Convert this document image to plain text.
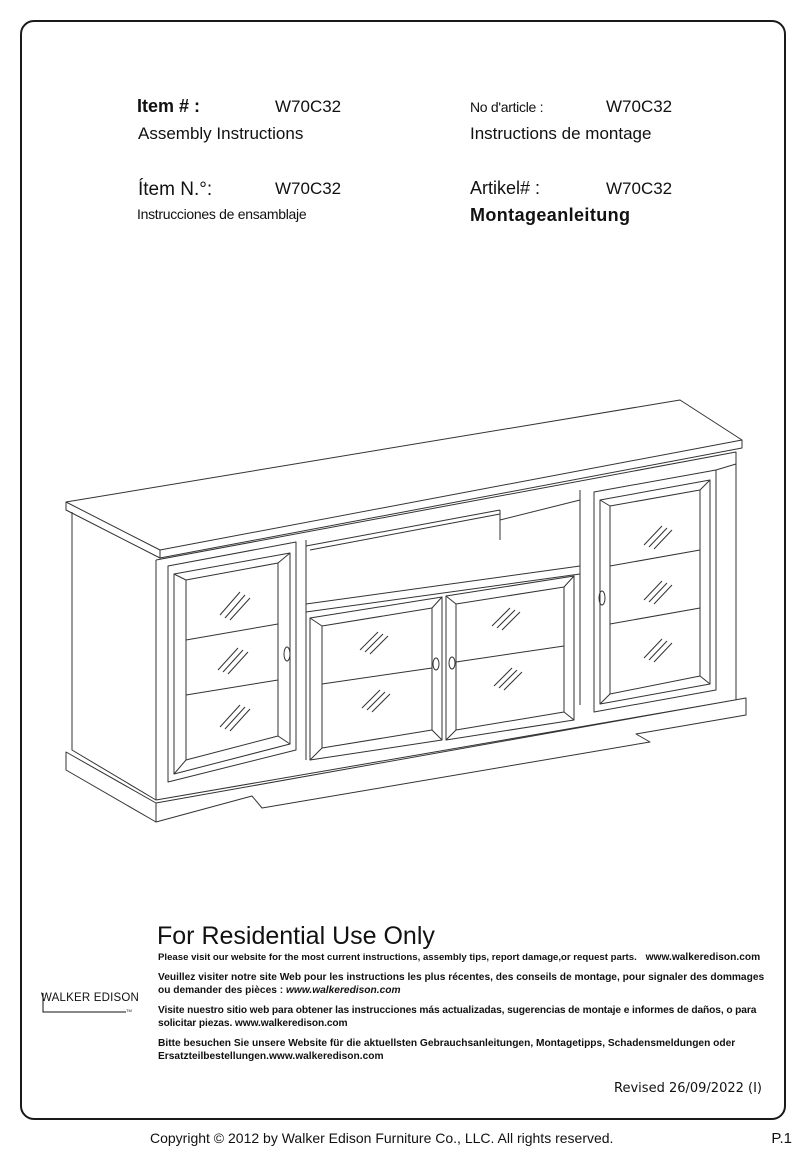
Item # :	W70C32
Assembly Instructions
No d'article :	W70C32
Instructions de montage
Ítem N.°:	W70C32
Instrucciones de ensamblaje
Artikel# :	W70C32
Montageanleitung
For Residential Use Only
Please visit our website for the most current instructions, assembly tips, report damage,or request parts. www.walkeredison.com
Veuillez visiter notre site Web pour les instructions les plus récentes, des conseils de montage, pour signaler des dommages ou demander des pièces : www.walkeredison.com
Visite nuestro sitio web para obtener las instrucciones más actualizadas, sugerencias de montaje e informes de daños, o para solicitar piezas. www.walkeredison.com
Bitte besuchen Sie unsere Website für die aktuellsten Gebrauchsanleitungen, Montagetipps, Schadensmeldungen oder Ersatzteilbestellungen.www.walkeredison.com
WALKER EDISON
TM
Revised 26/09/2022 (I)
Copyright © 2012 by Walker Edison Furniture Co., LLC. All rights reserved.	P.1
